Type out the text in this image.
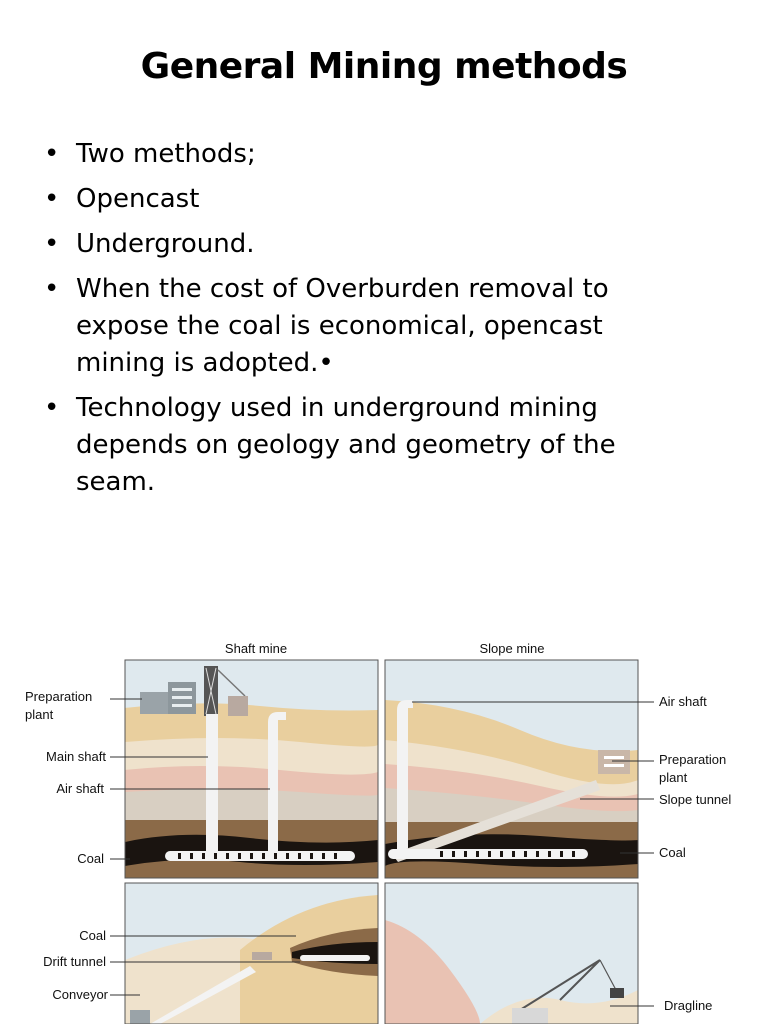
General Mining methods
• Two methods;
• Opencast
• Underground.
• When the cost of Overburden removal to expose the coal is economical, opencast mining is adopted.•
• Technology used in underground mining depends on geology and geometry of the seam.
Shaft mine	Slope mine
Preparation
plant
Main shaft
Air shaft
Coal
Coal
Drift tunnel
Conveyor
Air shaft
Preparation
plant
Slope tunnel
Coal
Dragline
